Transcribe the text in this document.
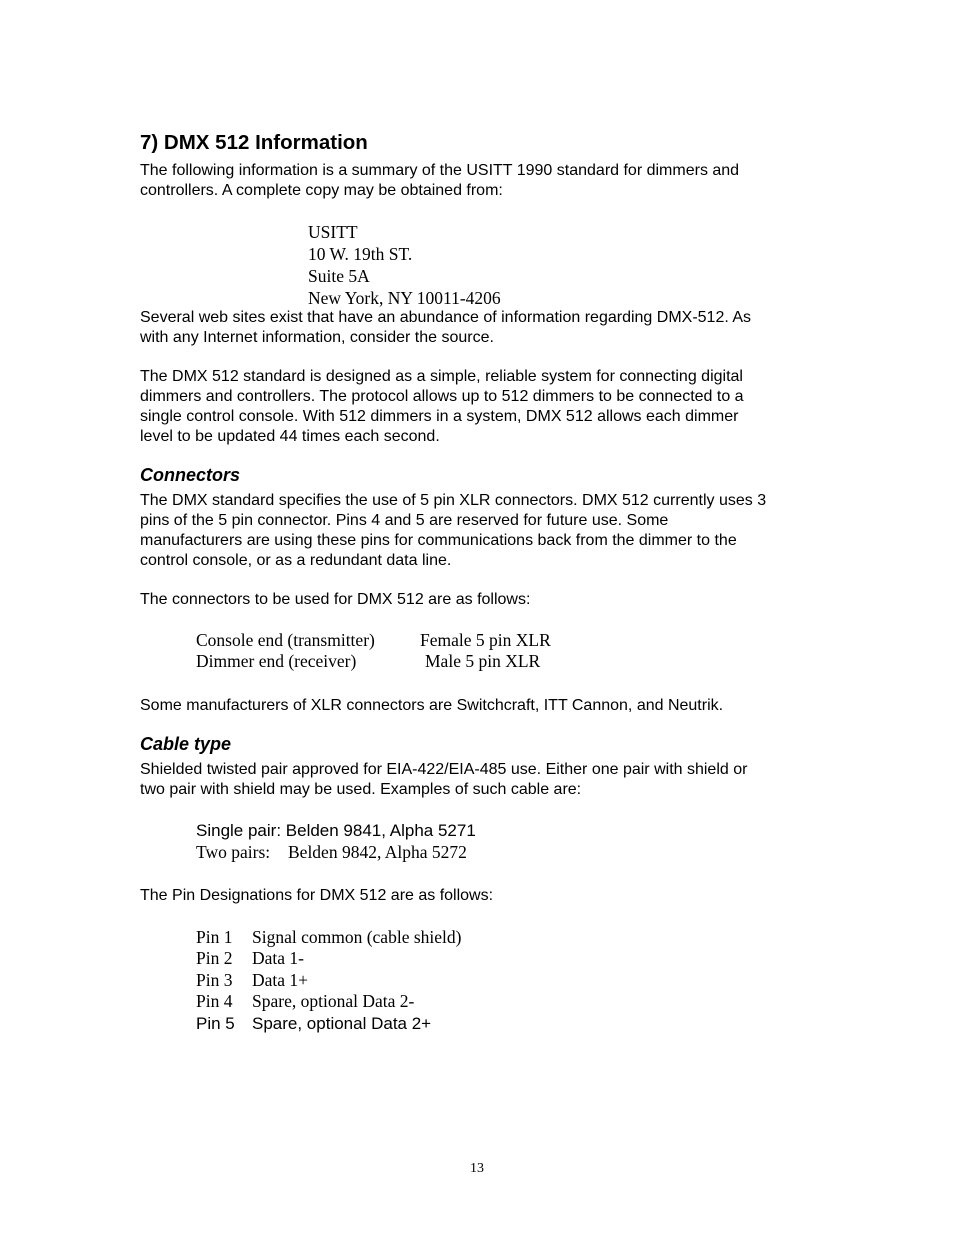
7) DMX 512 Information
The following information is a summary of the USITT 1990 standard for dimmers and
controllers. A complete copy may be obtained from:
USITT
10 W. 19th ST.
Suite 5A
New York, NY 10011-4206
Several web sites exist that have an abundance of information regarding DMX-512. As
with any Internet information, consider the source.
The DMX 512 standard is designed as a simple, reliable system for connecting digital
dimmers and controllers. The protocol allows up to 512 dimmers to be connected to a
single control console. With 512 dimmers in a system, DMX 512 allows each dimmer
level to be updated 44 times each second.
Connectors
The DMX standard specifies the use of 5 pin XLR connectors. DMX 512 currently uses 3
pins of the 5 pin connector. Pins 4 and 5 are reserved for future use. Some
manufacturers are using these pins for communications back from the dimmer to the
control console, or as a redundant data line.
The connectors to be used for DMX 512 are as follows:
Console end (transmitter)	Female 5 pin XLR
Dimmer end (receiver)	Male 5 pin XLR
Some manufacturers of XLR connectors are Switchcraft, ITT Cannon, and Neutrik.
Cable type
Shielded twisted pair approved for EIA-422/EIA-485 use. Either one pair with shield or
two pair with shield may be used. Examples of such cable are:
Single pair: Belden 9841, Alpha 5271
Two pairs: Belden 9842, Alpha 5272
The Pin Designations for DMX 512 are as follows:
Pin 1 Signal common (cable shield)
Pin 2 Data 1-
Pin 3 Data 1+
Pin 4 Spare, optional Data 2-
Pin 5 Spare, optional Data 2+
13
